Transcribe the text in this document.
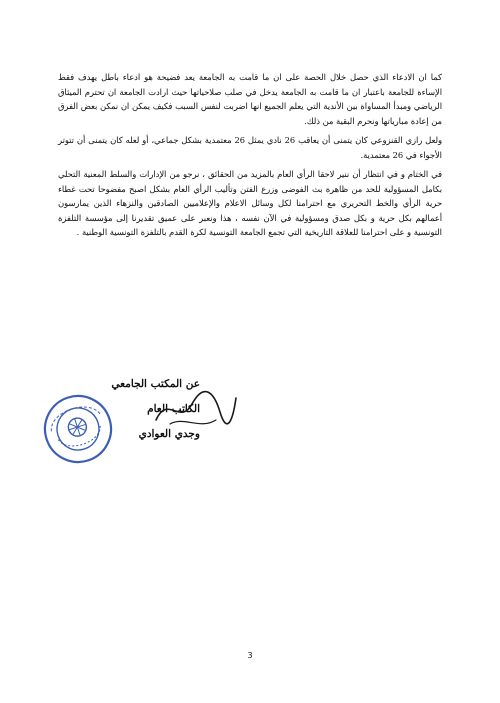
كما ان الادعاء الذي حصل خلال الحصة على ان ما قامت به الجامعة يعد فضيحة هو ادعاء باطل يهدف فقط الإساءة للجامعة باعتبار ان ما قامت به الجامعة يدخل في صلب صلاحياتها حيث ارادت الجامعة ان تحترم الميثاق الرياضي ومبدأ المساواة بين الأندية التي يعلم الجميع انها اضربت لنفس السبب فكيف يمكن ان نمكن بعض الفرق من إعادة مبارياتها ونحرم البقية من ذلك.

ولعل رازي القنزوعي كان يتمنى أن يعاقب 26 نادي يمثل 26 معتمدية بشكل جماعي، أو لعله كان يتمنى أن تتوتر الأجواء في 26 معتمدية.

في الختام و في انتظار أن ننير لاحقا الرأي العام بالمزيد من الحقائق ، نرجو من الإدارات والسلط المعنية التحلي بكامل المسؤولية للحد من ظاهرة بث الفوضى وزرع الفتن وتأليب الرأي العام بشكل اصبح مفضوحا تحت غطاء حرية الرأي والخط التحريري مع احترامنا لكل وسائل الاعلام والإعلاميين الصادقين والنزهاء الذين يمارسون أعمالهم بكل حرية و بكل صدق ومسؤولية في الآن نفسه ، هذا ونعبر على عميق تقديرنا إلى مؤسسة التلفزة التونسية و على احترامنا للعلاقة التاريخية التي تجمع الجامعة التونسية لكرة القدم بالتلفزة التونسية الوطنية .

عن المكتب الجامعي
الكاتب العام
وجدي العوادي
3
